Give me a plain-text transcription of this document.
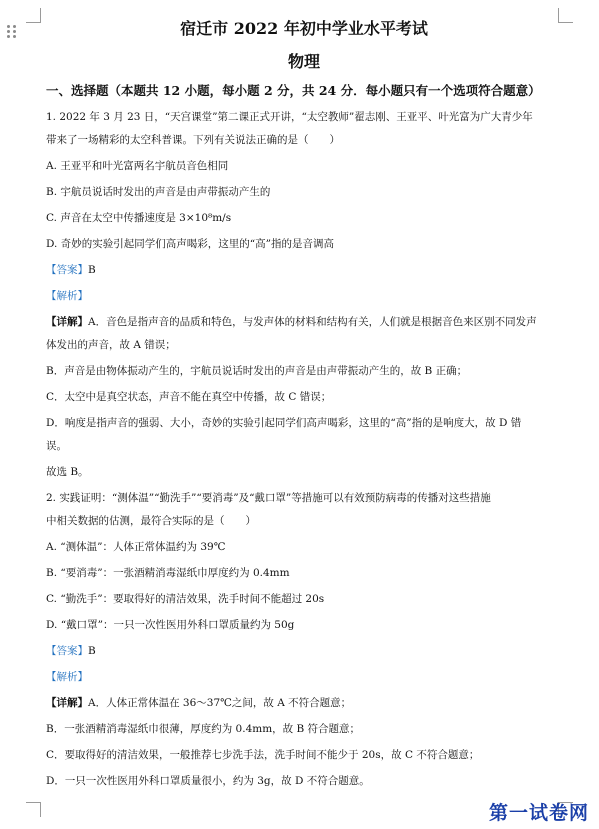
宿迁市 2022 年初中学业水平考试

物理

一、选择题（本题共 12 小题，每小题 2 分，共 24 分．每小题只有一个选项符合题意）

1. 2022 年 3 月 23 日，“天宫课堂”第二课正式开讲，“太空教师”翟志刚、王亚平、叶光富为广大青少年

带来了一场精彩的太空科普课。下列有关说法正确的是（　　）

A. 王亚平和叶光富两名宇航员音色相同

B. 宇航员说话时发出的声音是由声带振动产生的

C. 声音在太空中传播速度是 3×10⁸m/s

D. 奇妙的实验引起同学们高声喝彩，这里的“高”指的是音调高

【答案】B

【解析】

【详解】A．音色是指声音的品质和特色，与发声体的材料和结构有关，人们就是根据音色来区别不同发声

体发出的声音，故 A 错误；

B．声音是由物体振动产生的，宇航员说话时发出的声音是由声带振动产生的，故 B 正确；

C．太空中是真空状态，声音不能在真空中传播，故 C 错误；

D．响度是指声音的强弱、大小，奇妙的实验引起同学们高声喝彩，这里的“高”指的是响度大，故 D 错

误。

故选 B。

2. 实践证明：“测体温”“勤洗手”“要消毒”及“戴口罩”等措施可以有效预防病毒的传播对这些措施

中相关数据的估测，最符合实际的是（　　）

A. “测体温”：人体正常体温约为 39℃

B. “要消毒”：一张酒精消毒湿纸巾厚度约为 0.4mm

C. “勤洗手”：要取得好的清洁效果，洗手时间不能超过 20s

D. “戴口罩”：一只一次性医用外科口罩质量约为 50g

【答案】B

【解析】

【详解】A．人体正常体温在 36～37℃之间，故 A 不符合题意；

B．一张酒精消毒湿纸巾很薄，厚度约为 0.4mm，故 B 符合题意；

C．要取得好的清洁效果，一般推荐七步洗手法，洗手时间不能少于 20s，故 C 不符合题意；

D．一只一次性医用外科口罩质量很小，约为 3g，故 D 不符合题意。

第一试卷网
